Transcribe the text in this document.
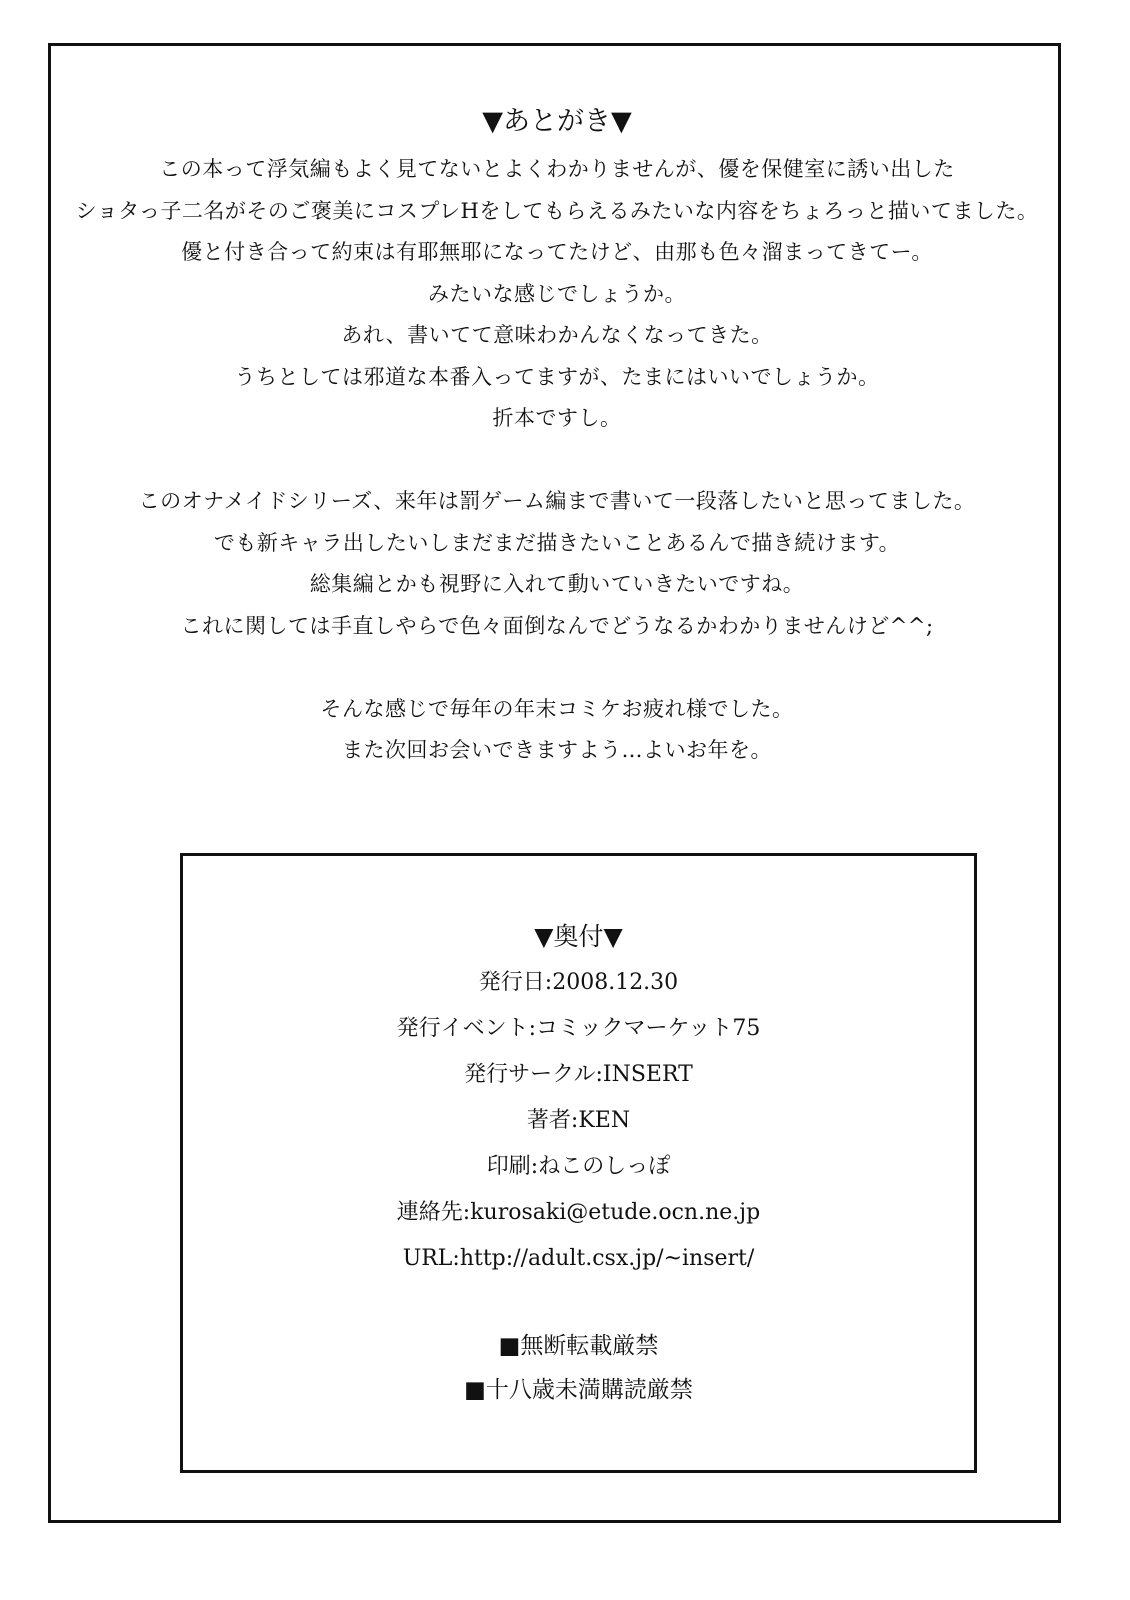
▼あとがき▼
この本って浮気編もよく見てないとよくわかりませんが、優を保健室に誘い出した
ショタっ子二名がそのご褒美にコスプレHをしてもらえるみたいな内容をちょろっと描いてました。
優と付き合って約束は有耶無耶になってたけど、由那も色々溜まってきてー。
みたいな感じでしょうか。
あれ、書いてて意味わかんなくなってきた。
うちとしては邪道な本番入ってますが、たまにはいいでしょうか。
折本ですし。
このオナメイドシリーズ、来年は罰ゲーム編まで書いて一段落したいと思ってました。
でも新キャラ出したいしまだまだ描きたいことあるんで描き続けます。
総集編とかも視野に入れて動いていきたいですね。
これに関しては手直しやらで色々面倒なんでどうなるかわかりませんけど^^;
そんな感じで毎年の年末コミケお疲れ様でした。
また次回お会いできますよう…よいお年を。
▼奥付▼
発行日:2008.12.30
発行イベント:コミックマーケット75
発行サークル:INSERT
著者:KEN
印刷:ねこのしっぽ
連絡先:kurosaki@etude.ocn.ne.jp
URL:http://adult.csx.jp/~insert/
■無断転載厳禁
■十八歳未満購読厳禁
